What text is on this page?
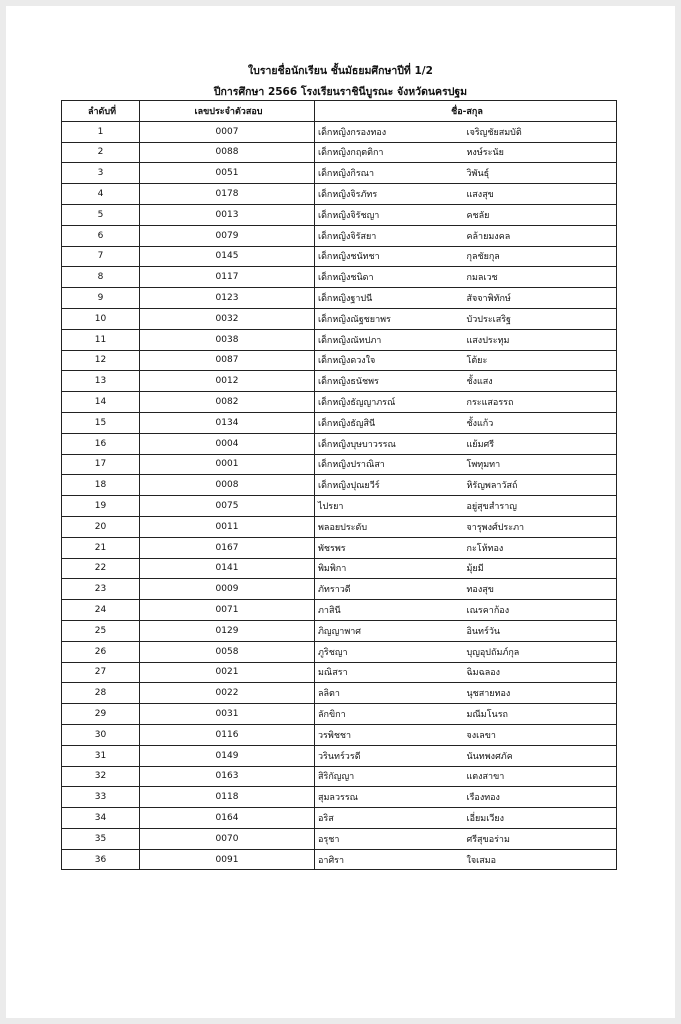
ใบรายชื่อนักเรียน ชั้นมัธยมศึกษาปีที่ 1/2
ปีการศึกษา 2566 โรงเรียนราชินีบูรณะ จังหวัดนครปฐม
ลำดับที่	เลขประจำตัวสอบ	ชื่อ-สกุล	
1	0007	เด็กหญิงกรองทอง	เจริญชัยสมบัติ
2	0088	เด็กหญิงกฤตติกา	หงษ์ระนัย
3	0051	เด็กหญิงกิรณา	วิพันธุ์
4	0178	เด็กหญิงจิรภัทร	แสงสุข
5	0013	เด็กหญิงจิรัชญา	คชลัย
6	0079	เด็กหญิงจิรัสยา	คล้ายมงคล
7	0145	เด็กหญิงชนัทชา	กุลชัยกุล
8	0117	เด็กหญิงชนิดา	กมลเวช
9	0123	เด็กหญิงฐาปนี	สัจจาพิทักษ์
10	0032	เด็กหญิงณัฐชยาพร	บัวประเสริฐ
11	0038	เด็กหญิงณัทปภา	แสงประทุม
12	0087	เด็กหญิงดวงใจ	โต้ยะ
13	0012	เด็กหญิงธนัชพร	ชั้งแสง
14	0082	เด็กหญิงธัญญาภรณ์	กระแสอรรถ
15	0134	เด็กหญิงธัญสินี	ชั้งแก้ว
16	0004	เด็กหญิงบุษบาวรรณ	แย้มศรี
17	0001	เด็กหญิงปราณิสา	โพทุมทา
18	0008	เด็กหญิงปุณยวีร์	หิรัญพลาวัสถ์
19	0075	ไปรยา	อยู่สุขสำราญ
20	0011	พลอยประดับ	จารุพงศ์ประภา
21	0167	พัชรพร	กะโห้ทอง
22	0141	พิมพิกา	มุ้ยมี
23	0009	ภัทราวดี	ทองสุข
24	0071	ภาสินี	เณรคาก้อง
25	0129	ภิญญาพาศ	อินทร์วัน
26	0058	ภูริชญา	บุญอุปถัมภ์กุล
27	0021	มณิสรา	ฉิมฉลอง
28	0022	ลลิตา	นุชสายทอง
29	0031	ลักขิกา	มณีมโนรถ
30	0116	วรพิชชา	จงเลขา
31	0149	วรินทร์วรดี	นันทพงศภัค
32	0163	สิริกัญญา	แตงสาขา
33	0118	สุมลวรรณ	เรืองทอง
34	0164	อริส	เอี่ยมเวียง
35	0070	อรุชา	ศรีสุขอร่าม
36	0091	อาศิรา	ใจเสมอ
